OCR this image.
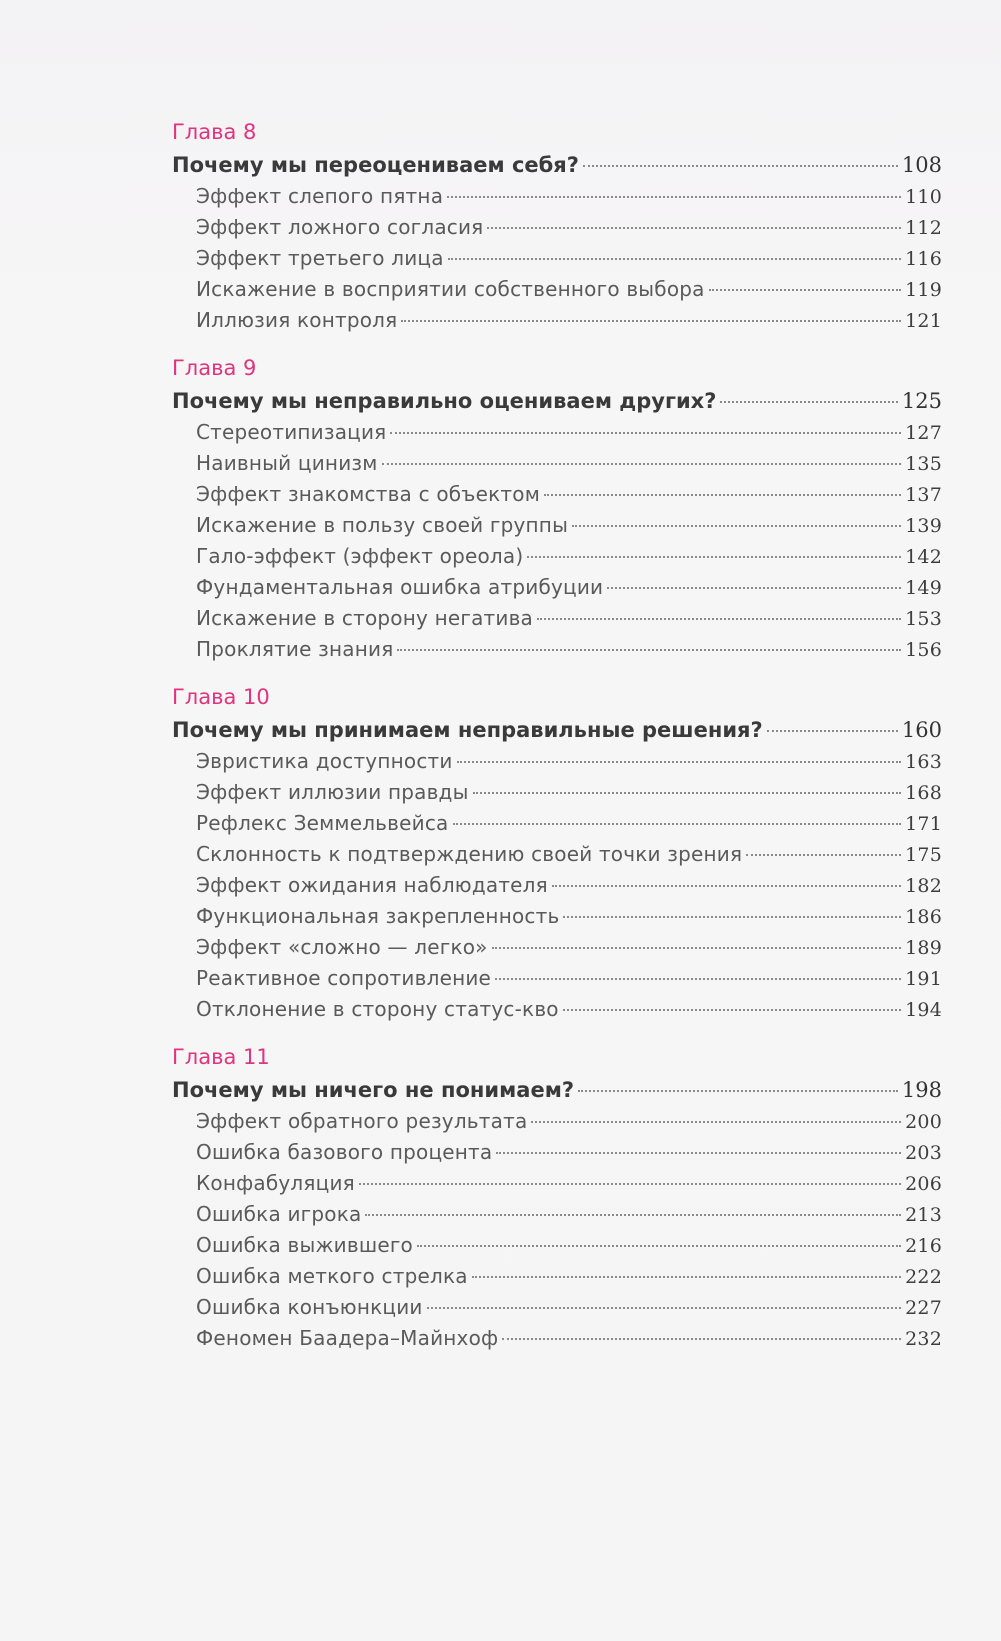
Глава 8
Почему мы переоцениваем себя?	108
Эффект слепого пятна	110
Эффект ложного согласия	112
Эффект третьего лица	116
Искажение в восприятии собственного выбора	119
Иллюзия контроля	121
Глава 9
Почему мы неправильно оцениваем других?	125
Стереотипизация	127
Наивный цинизм	135
Эффект знакомства с объектом	137
Искажение в пользу своей группы	139
Гало-эффект (эффект ореола)	142
Фундаментальная ошибка атрибуции	149
Искажение в сторону негатива	153
Проклятие знания	156
Глава 10
Почему мы принимаем неправильные решения?	160
Эвристика доступности	163
Эффект иллюзии правды	168
Рефлекс Земмельвейса	171
Склонность к подтверждению своей точки зрения	175
Эффект ожидания наблюдателя	182
Функциональная закрепленность	186
Эффект «сложно — легко»	189
Реактивное сопротивление	191
Отклонение в сторону статус-кво	194
Глава 11
Почему мы ничего не понимаем?	198
Эффект обратного результата	200
Ошибка базового процента	203
Конфабуляция	206
Ошибка игрока	213
Ошибка выжившего	216
Ошибка меткого стрелка	222
Ошибка конъюнкции	227
Феномен Баадера–Майнхоф	232
